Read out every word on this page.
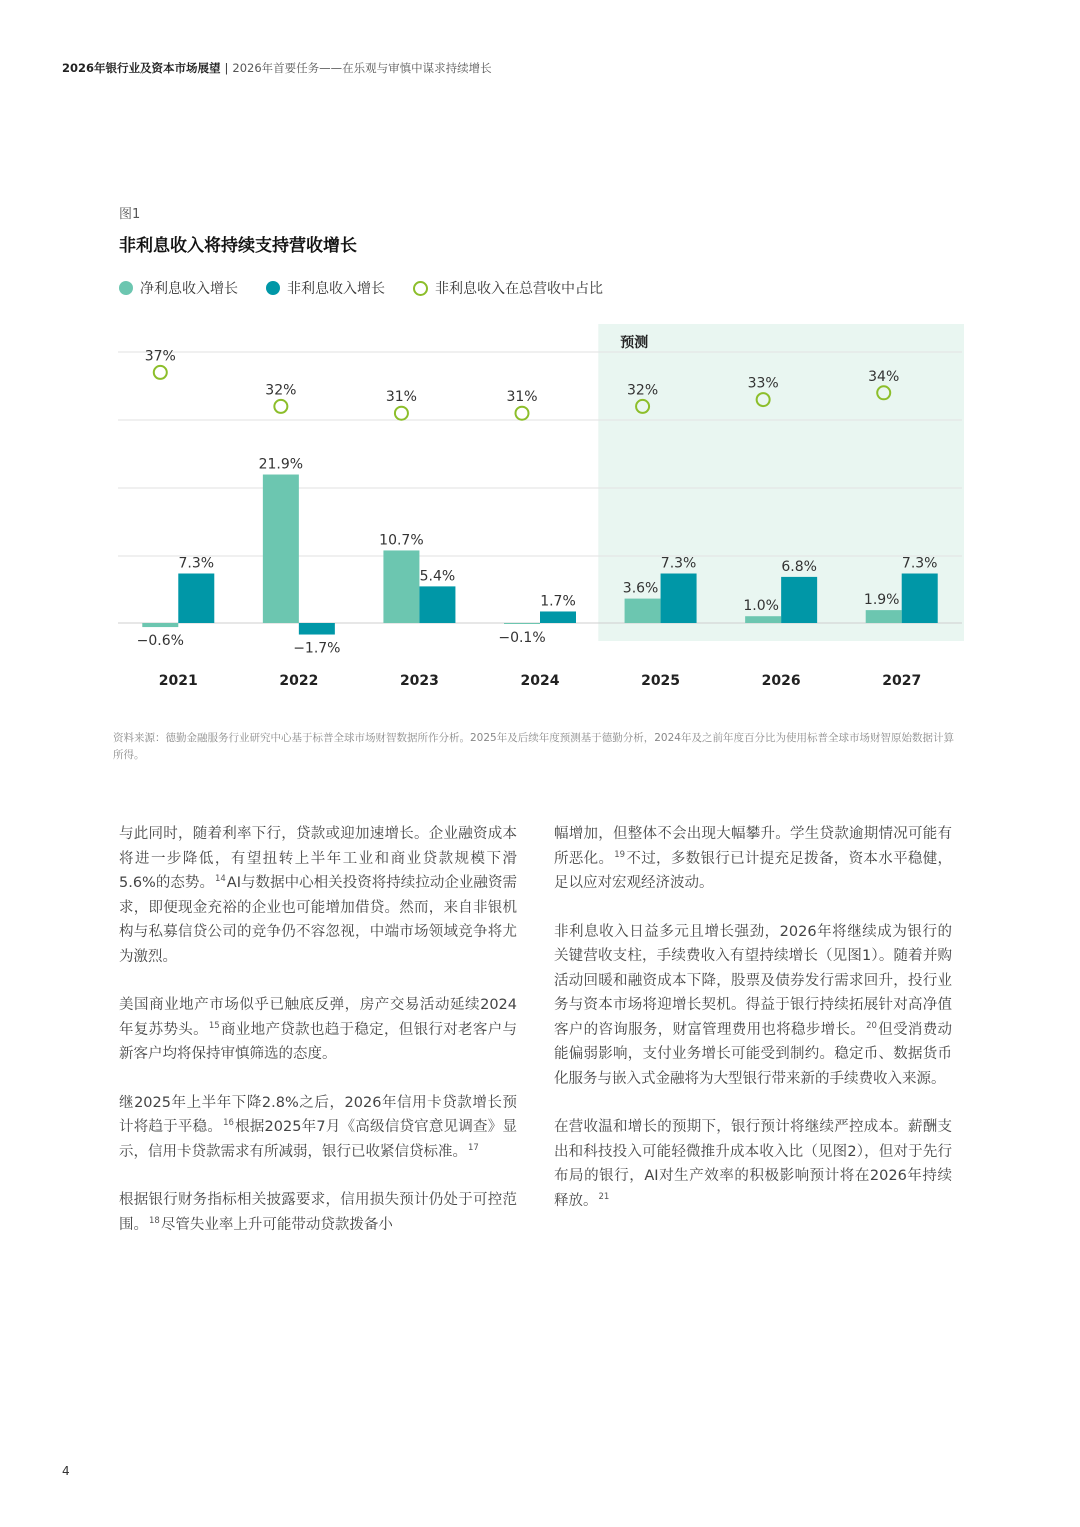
2026年银行业及资本市场展望 | 2026年首要任务——在乐观与审慎中谋求持续增长
图1
非利息收入将持续支持营收增长
净利息收入增长	非利息收入增长	非利息收入在总营收中占比
预测
2021
−0.6%
7.3%
37%
2022
21.9%
−1.7%
32%
2023
10.7%
5.4%
31%
2024
−0.1%
1.7%
31%
2025
3.6%
7.3%
32%
2026
1.0%
6.8%
33%
2027
1.9%
7.3%
34%
资料来源：德勤金融服务行业研究中心基于标普全球市场财智数据所作分析。2025年及后续年度预测基于德勤分析，2024年及之前年度百分比为使用标普全球市场财智原始数据计算所得。

与此同时，随着利率下行，贷款或迎加速增长。企业融资成本将进一步降低，有望扭转上半年工业和商业贷款规模下滑5.6%的态势。$^{14}$AI与数据中心相关投资将持续拉动企业融资需求，即便现金充裕的企业也可能增加借贷。然而，来自非银机构与私募信贷公司的竞争仍不容忽视，中端市场领域竞争将尤为激烈。

美国商业地产市场似乎已触底反弹，房产交易活动延续2024年复苏势头。$^{15}$商业地产贷款也趋于稳定，但银行对老客户与新客户均将保持审慎筛选的态度。

继2025年上半年下降2.8%之后，2026年信用卡贷款增长预计将趋于平稳。$^{16}$根据2025年7月《高级信贷官意见调查》显示，信用卡贷款需求有所减弱，银行已收紧信贷标准。$^{17}$

根据银行财务指标相关披露要求，信用损失预计仍处于可控范围。$^{18}$尽管失业率上升可能带动贷款拨备小

幅增加，但整体不会出现大幅攀升。学生贷款逾期情况可能有所恶化。$^{19}$不过，多数银行已计提充足拨备，资本水平稳健，足以应对宏观经济波动。

非利息收入日益多元且增长强劲，2026年将继续成为银行的关键营收支柱，手续费收入有望持续增长（见图1）。随着并购活动回暖和融资成本下降，股票及债券发行需求回升，投行业务与资本市场将迎增长契机。得益于银行持续拓展针对高净值客户的咨询服务，财富管理费用也将稳步增长。$^{20}$但受消费动能偏弱影响，支付业务增长可能受到制约。稳定币、数据货币化服务与嵌入式金融将为大型银行带来新的手续费收入来源。

在营收温和增长的预期下，银行预计将继续严控成本。薪酬支出和科技投入可能轻微推升成本收入比（见图2），但对于先行布局的银行，AI对生产效率的积极影响预计将在2026年持续释放。$^{21}$

4
